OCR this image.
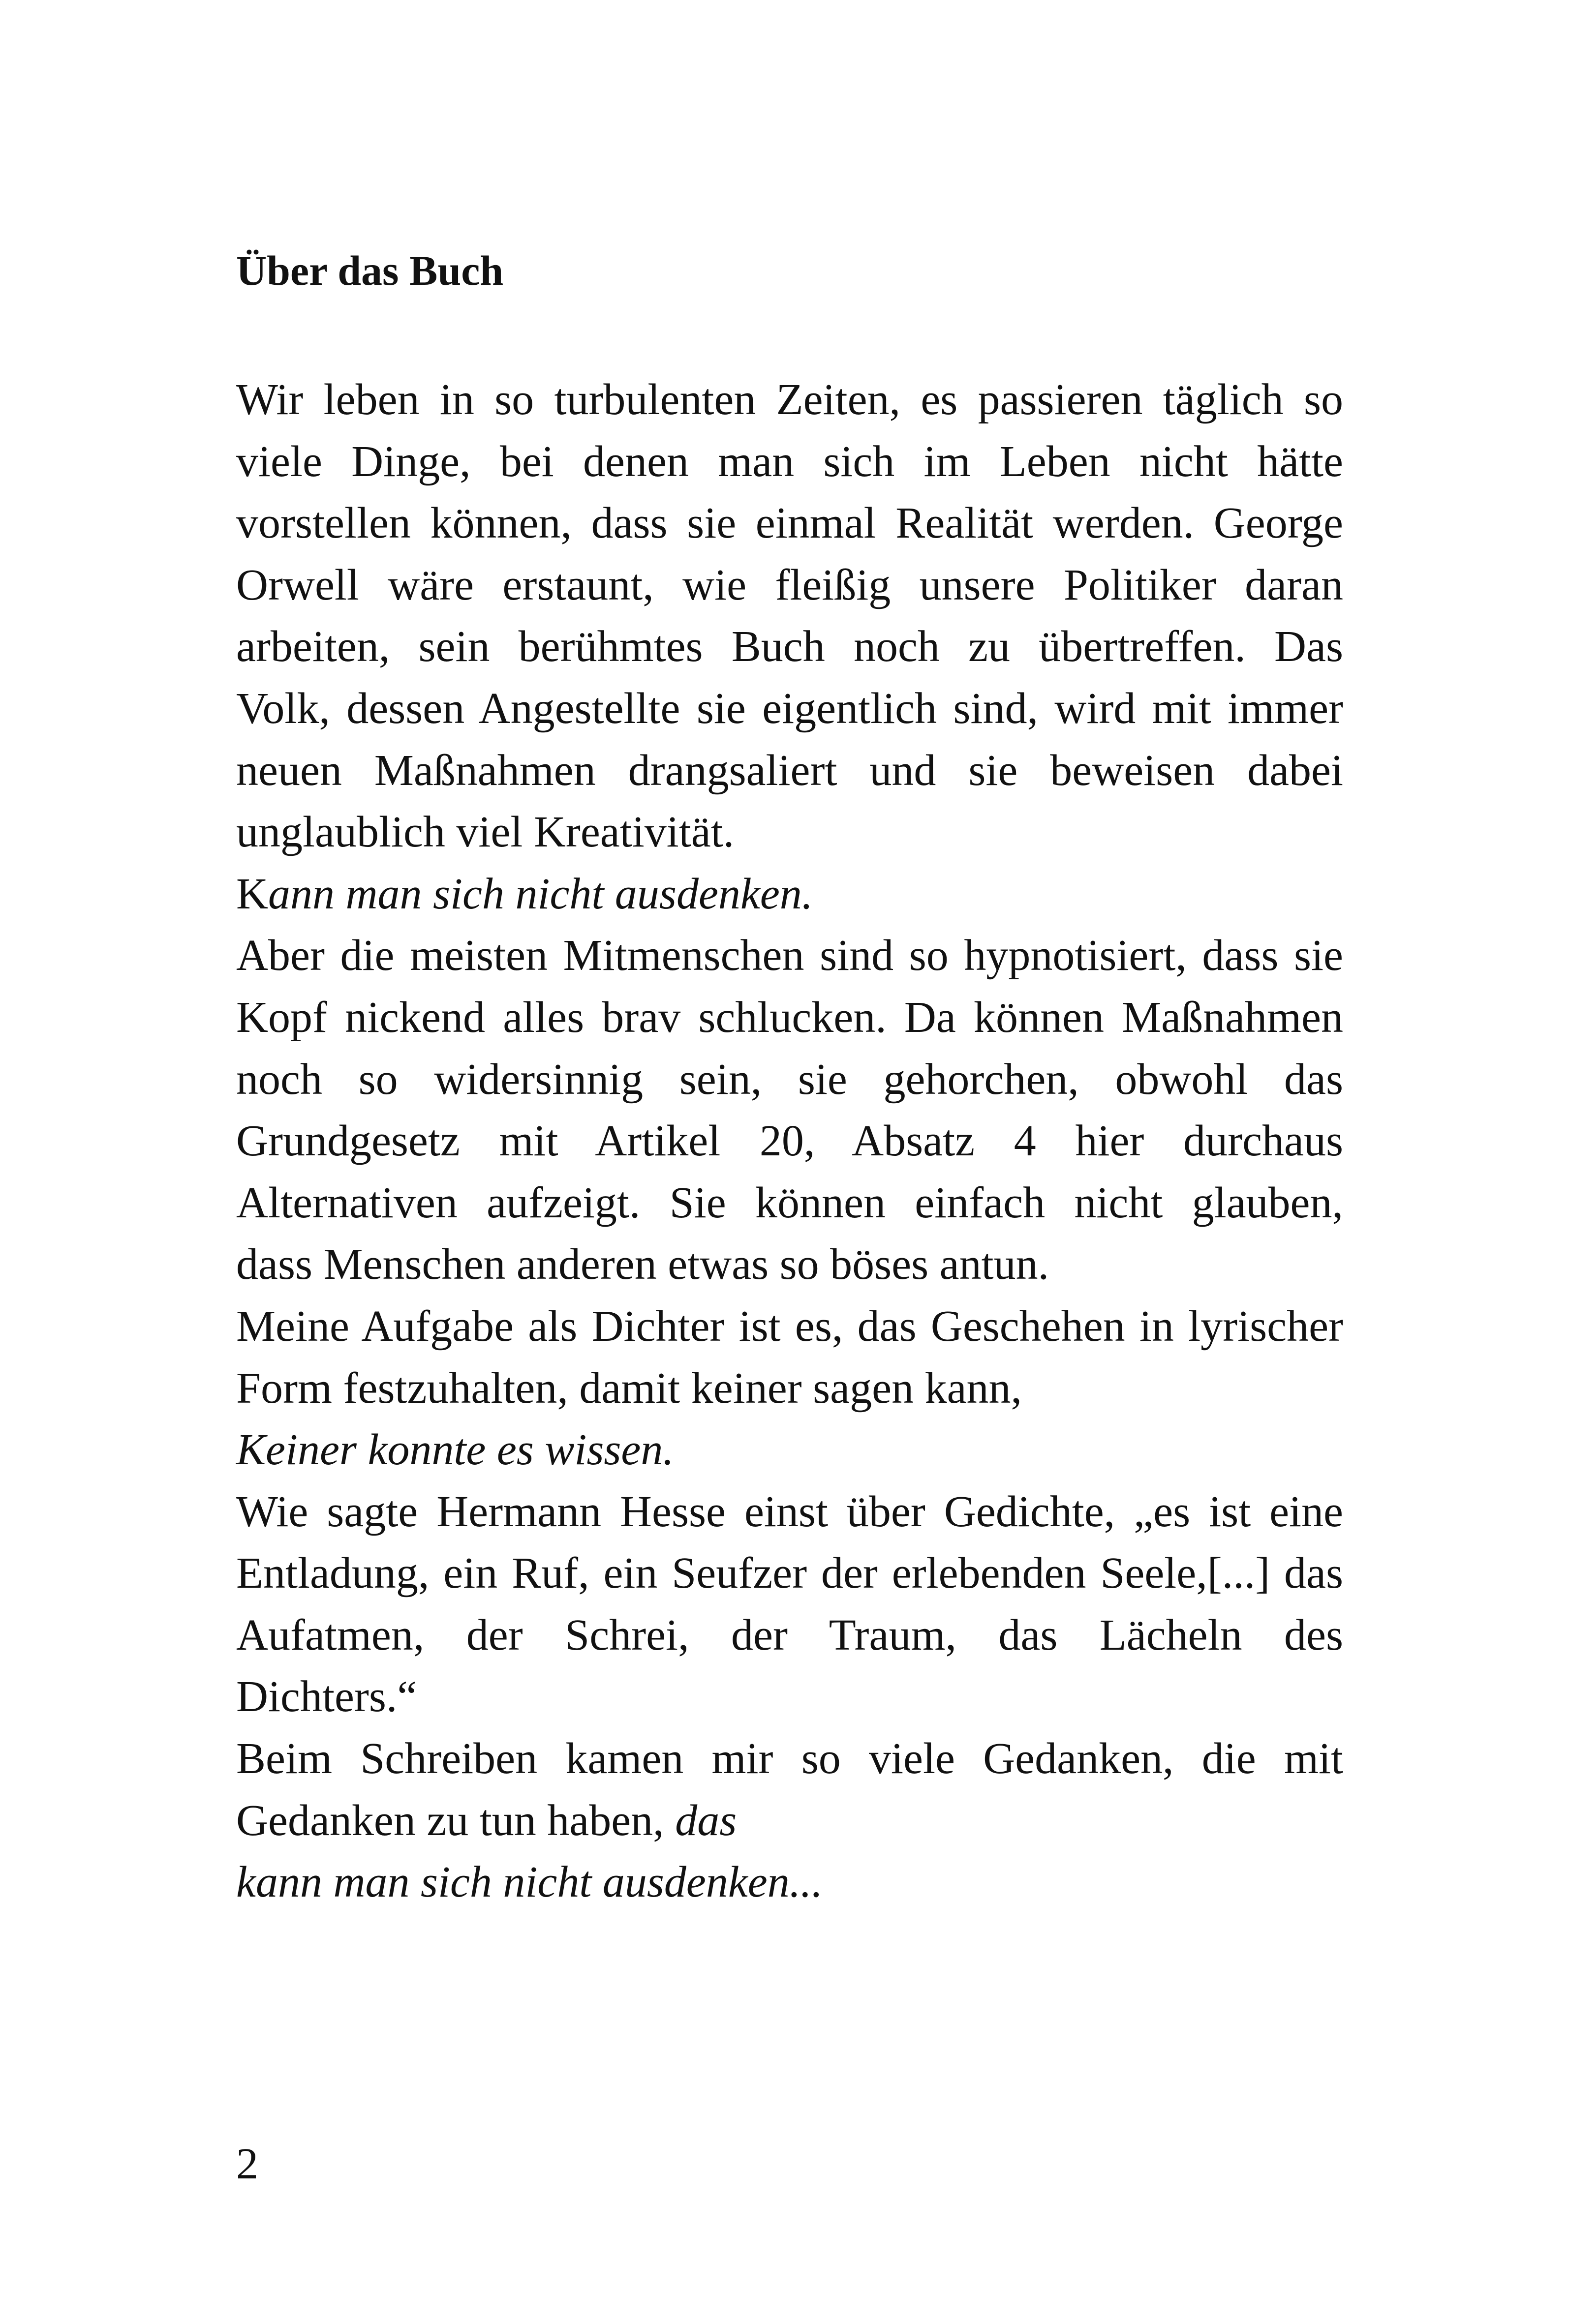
Über das Buch
Wir leben in so turbulenten Zeiten, es passieren täglich so
viele Dinge, bei denen man sich im Leben nicht hätte
vorstellen können, dass sie einmal Realität werden. George
Orwell wäre erstaunt, wie fleißig unsere Politiker daran
arbeiten, sein berühmtes Buch noch zu übertreffen. Das
Volk, dessen Angestellte sie eigentlich sind, wird mit immer
neuen Maßnahmen drangsaliert und sie beweisen dabei
unglaublich viel Kreativität.
Kann man sich nicht ausdenken.
Aber die meisten Mitmenschen sind so hypnotisiert, dass sie
Kopf nickend alles brav schlucken. Da können Maßnahmen
noch so widersinnig sein, sie gehorchen, obwohl das
Grundgesetz mit Artikel 20, Absatz 4 hier durchaus
Alternativen aufzeigt. Sie können einfach nicht glauben,
dass Menschen anderen etwas so böses antun.
Meine Aufgabe als Dichter ist es, das Geschehen in lyrischer
Form festzuhalten, damit keiner sagen kann,
Keiner konnte es wissen.
Wie sagte Hermann Hesse einst über Gedichte, „es ist eine
Entladung, ein Ruf, ein Seufzer der erlebenden Seele,[...] das
Aufatmen, der Schrei, der Traum, das Lächeln des
Dichters.“
Beim Schreiben kamen mir so viele Gedanken, die mit
Gedanken zu tun haben, das
kann man sich nicht ausdenken...
2
